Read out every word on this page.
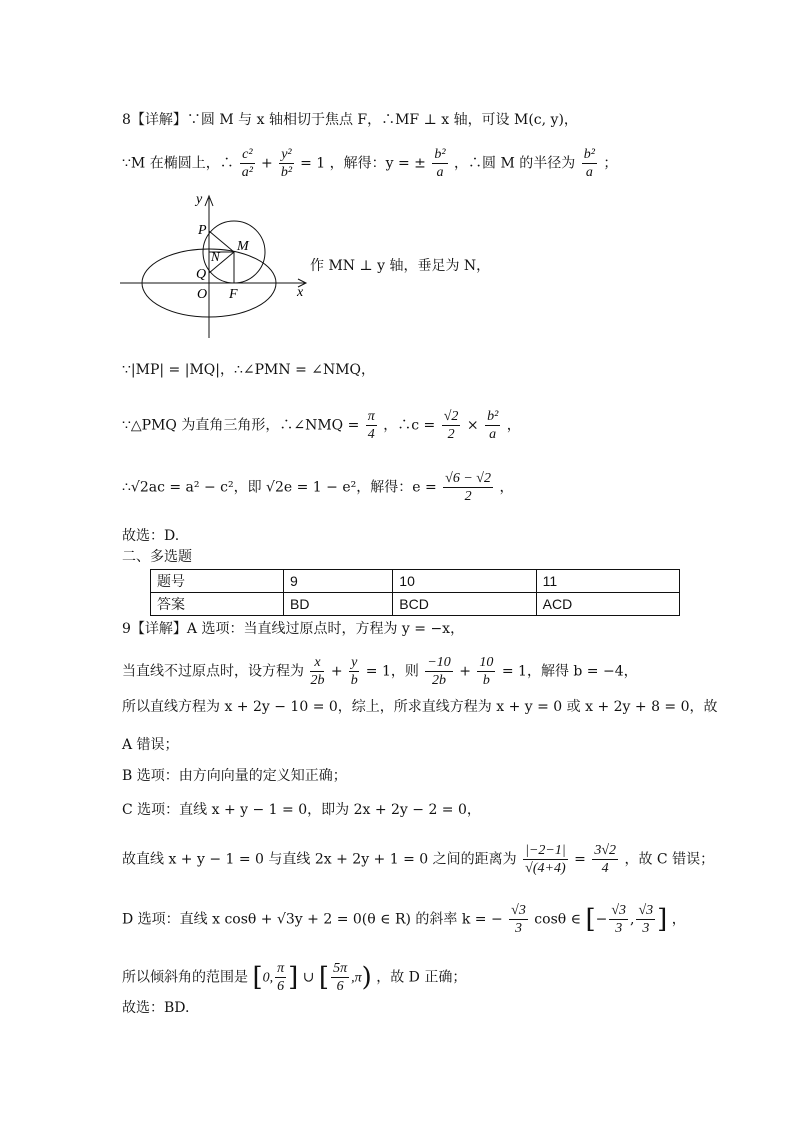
8【详解】∵圆 M 与 x 轴相切于焦点 F，∴MF ⊥ x 轴，可设 M(c, y)，
∵M 在椭圆上，∴ $\frac{\text{c²}}{\text{a²}} + \frac{\text{y²}}{\text{b²}} = 1$ ，解得：y = ± $\frac{\text{b²}}{a}$ ，∴圆 M 的半径为 $\frac{\text{b²}}{a}$ ；
y
x
P
M
N
Q
O F
作 MN ⊥ y 轴，垂足为 N，
∵|MP| = |MQ|，∴∠PMN = ∠NMQ，
∵△PMQ 为直角三角形，∴∠NMQ = $\frac{\pi}{4}$ ，∴c = $\frac{√2}{2} \times \frac{\text{b²}}{a}$ ，
∴√2ac = a² − c²，即 √2e = 1 − e²，解得：$e = \frac{√6 - √2}{2}$ ，
故选：D.
二、多选题
题号	9	10	11
答案	BD	BCD	ACD
9【详解】A 选项：当直线过原点时，方程为 y = −x，
当直线不过原点时，设方程为 $\frac{x}{2b} + \frac{y}{b} = 1$，则 $\frac{-10}{2b} + \frac{10}{b} = 1$，解得 b = −4，
所以直线方程为 x + 2y − 10 = 0，综上，所求直线方程为 x + y = 0 或 x + 2y + 8 = 0，故
A 错误；
B 选项：由方向向量的定义知正确；
C 选项：直线 x + y − 1 = 0，即为 2x + 2y − 2 = 0，
故直线 x + y − 1 = 0 与直线 2x + 2y + 1 = 0 之间的距离为 $\frac{|-2-1|}{√(4+4)} = \frac{3√2}{4}$ ，故 C 错误；
D 选项：直线 x cosθ + √3y + 2 = 0(θ ∈ R) 的斜率 k = − $\frac{√3}{3}$ cosθ ∈ [− $\frac{√3}{3}$ , $\frac{√3}{3}$ ] ，
所以倾斜角的范围是 [0, $\frac{\pi}{6}$ ] ∪ [ $\frac{5\pi}{6} ,\pi$) ，故 D 正确；
故选：BD.
